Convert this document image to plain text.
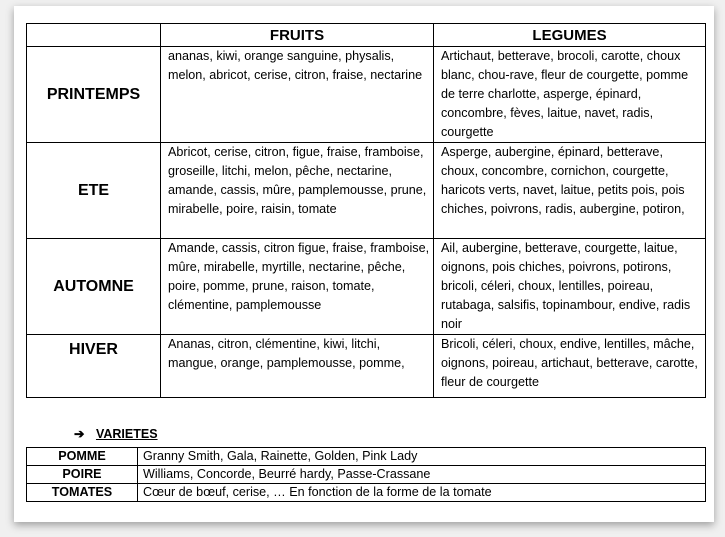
	FRUITS	LEGUMES
PRINTEMPS	ananas, kiwi, orange sanguine, physalis, melon, abricot, cerise, citron, fraise, nectarine	Artichaut, betterave, brocoli, carotte, choux blanc, chou-rave, fleur de courgette, pomme de terre charlotte, asperge, épinard, concombre, fèves, laitue, navet, radis, courgette
ETE	Abricot, cerise, citron, figue, fraise, framboise, groseille, litchi, melon, pêche, nectarine, amande, cassis, mûre, pamplemousse, prune, mirabelle, poire, raisin, tomate	Asperge, aubergine, épinard, betterave, choux, concombre, cornichon, courgette, haricots verts, navet, laitue, petits pois, pois chiches, poivrons, radis, aubergine, potiron,
AUTOMNE	Amande, cassis, citron figue, fraise, framboise, mûre, mirabelle, myrtille, nectarine, pêche, poire, pomme, prune, raison, tomate, clémentine, pamplemousse	Ail, aubergine, betterave, courgette, laitue, oignons, pois chiches, poivrons, potirons, bricoli, céleri, choux, lentilles, poireau, rutabaga, salsifis, topinambour, endive, radis noir
HIVER	Ananas, citron, clémentine, kiwi, litchi, mangue, orange, pamplemousse, pomme,	Bricoli, céleri, choux, endive, lentilles, mâche, oignons, poireau, artichaut, betterave, carotte, fleur de courgette
➔ VARIETES
POMME	Granny Smith, Gala, Rainette, Golden, Pink Lady
POIRE	Williams, Concorde, Beurré hardy, Passe-Crassane
TOMATES	Cœur de bœuf, cerise, … En fonction de la forme de la tomate
